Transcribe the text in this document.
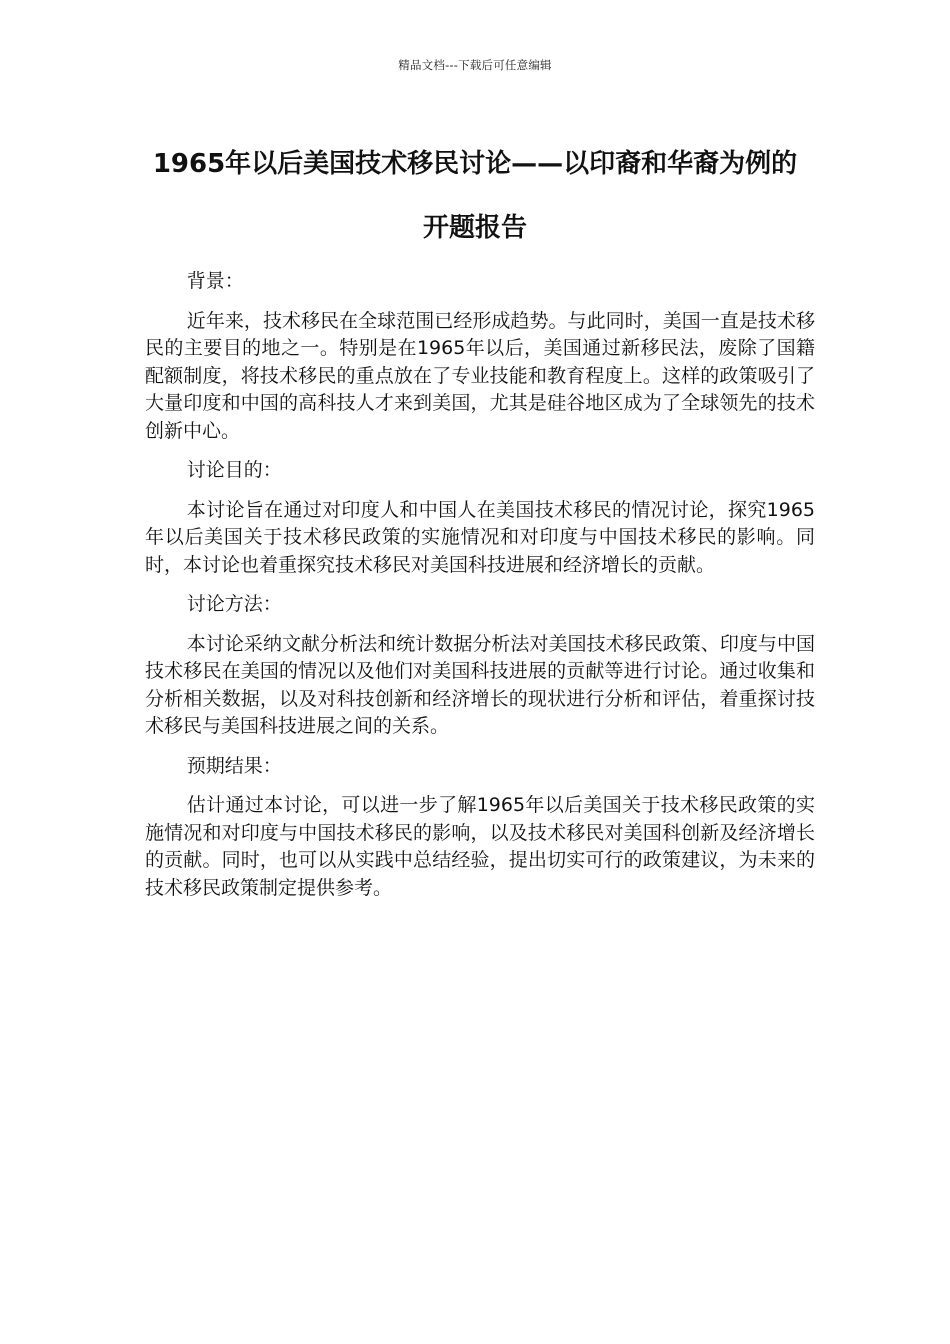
精品文档---下载后可任意编辑
1965年以后美国技术移民讨论——以印裔和华裔为例的开题报告

背景：

近年来，技术移民在全球范围已经形成趋势。与此同时，美国一直是技术移民的主要目的地之一。特别是在1965年以后，美国通过新移民法，废除了国籍配额制度，将技术移民的重点放在了专业技能和教育程度上。这样的政策吸引了大量印度和中国的高科技人才来到美国，尤其是硅谷地区成为了全球领先的技术创新中心。

讨论目的：

本讨论旨在通过对印度人和中国人在美国技术移民的情况讨论，探究1965年以后美国关于技术移民政策的实施情况和对印度与中国技术移民的影响。同时，本讨论也着重探究技术移民对美国科技进展和经济增长的贡献。

讨论方法：

本讨论采纳文献分析法和统计数据分析法对美国技术移民政策、印度与中国技术移民在美国的情况以及他们对美国科技进展的贡献等进行讨论。通过收集和分析相关数据，以及对科技创新和经济增长的现状进行分析和评估，着重探讨技术移民与美国科技进展之间的关系。

预期结果：

估计通过本讨论，可以进一步了解1965年以后美国关于技术移民政策的实施情况和对印度与中国技术移民的影响，以及技术移民对美国科创新及经济增长的贡献。同时，也可以从实践中总结经验，提出切实可行的政策建议，为未来的技术移民政策制定提供参考。
